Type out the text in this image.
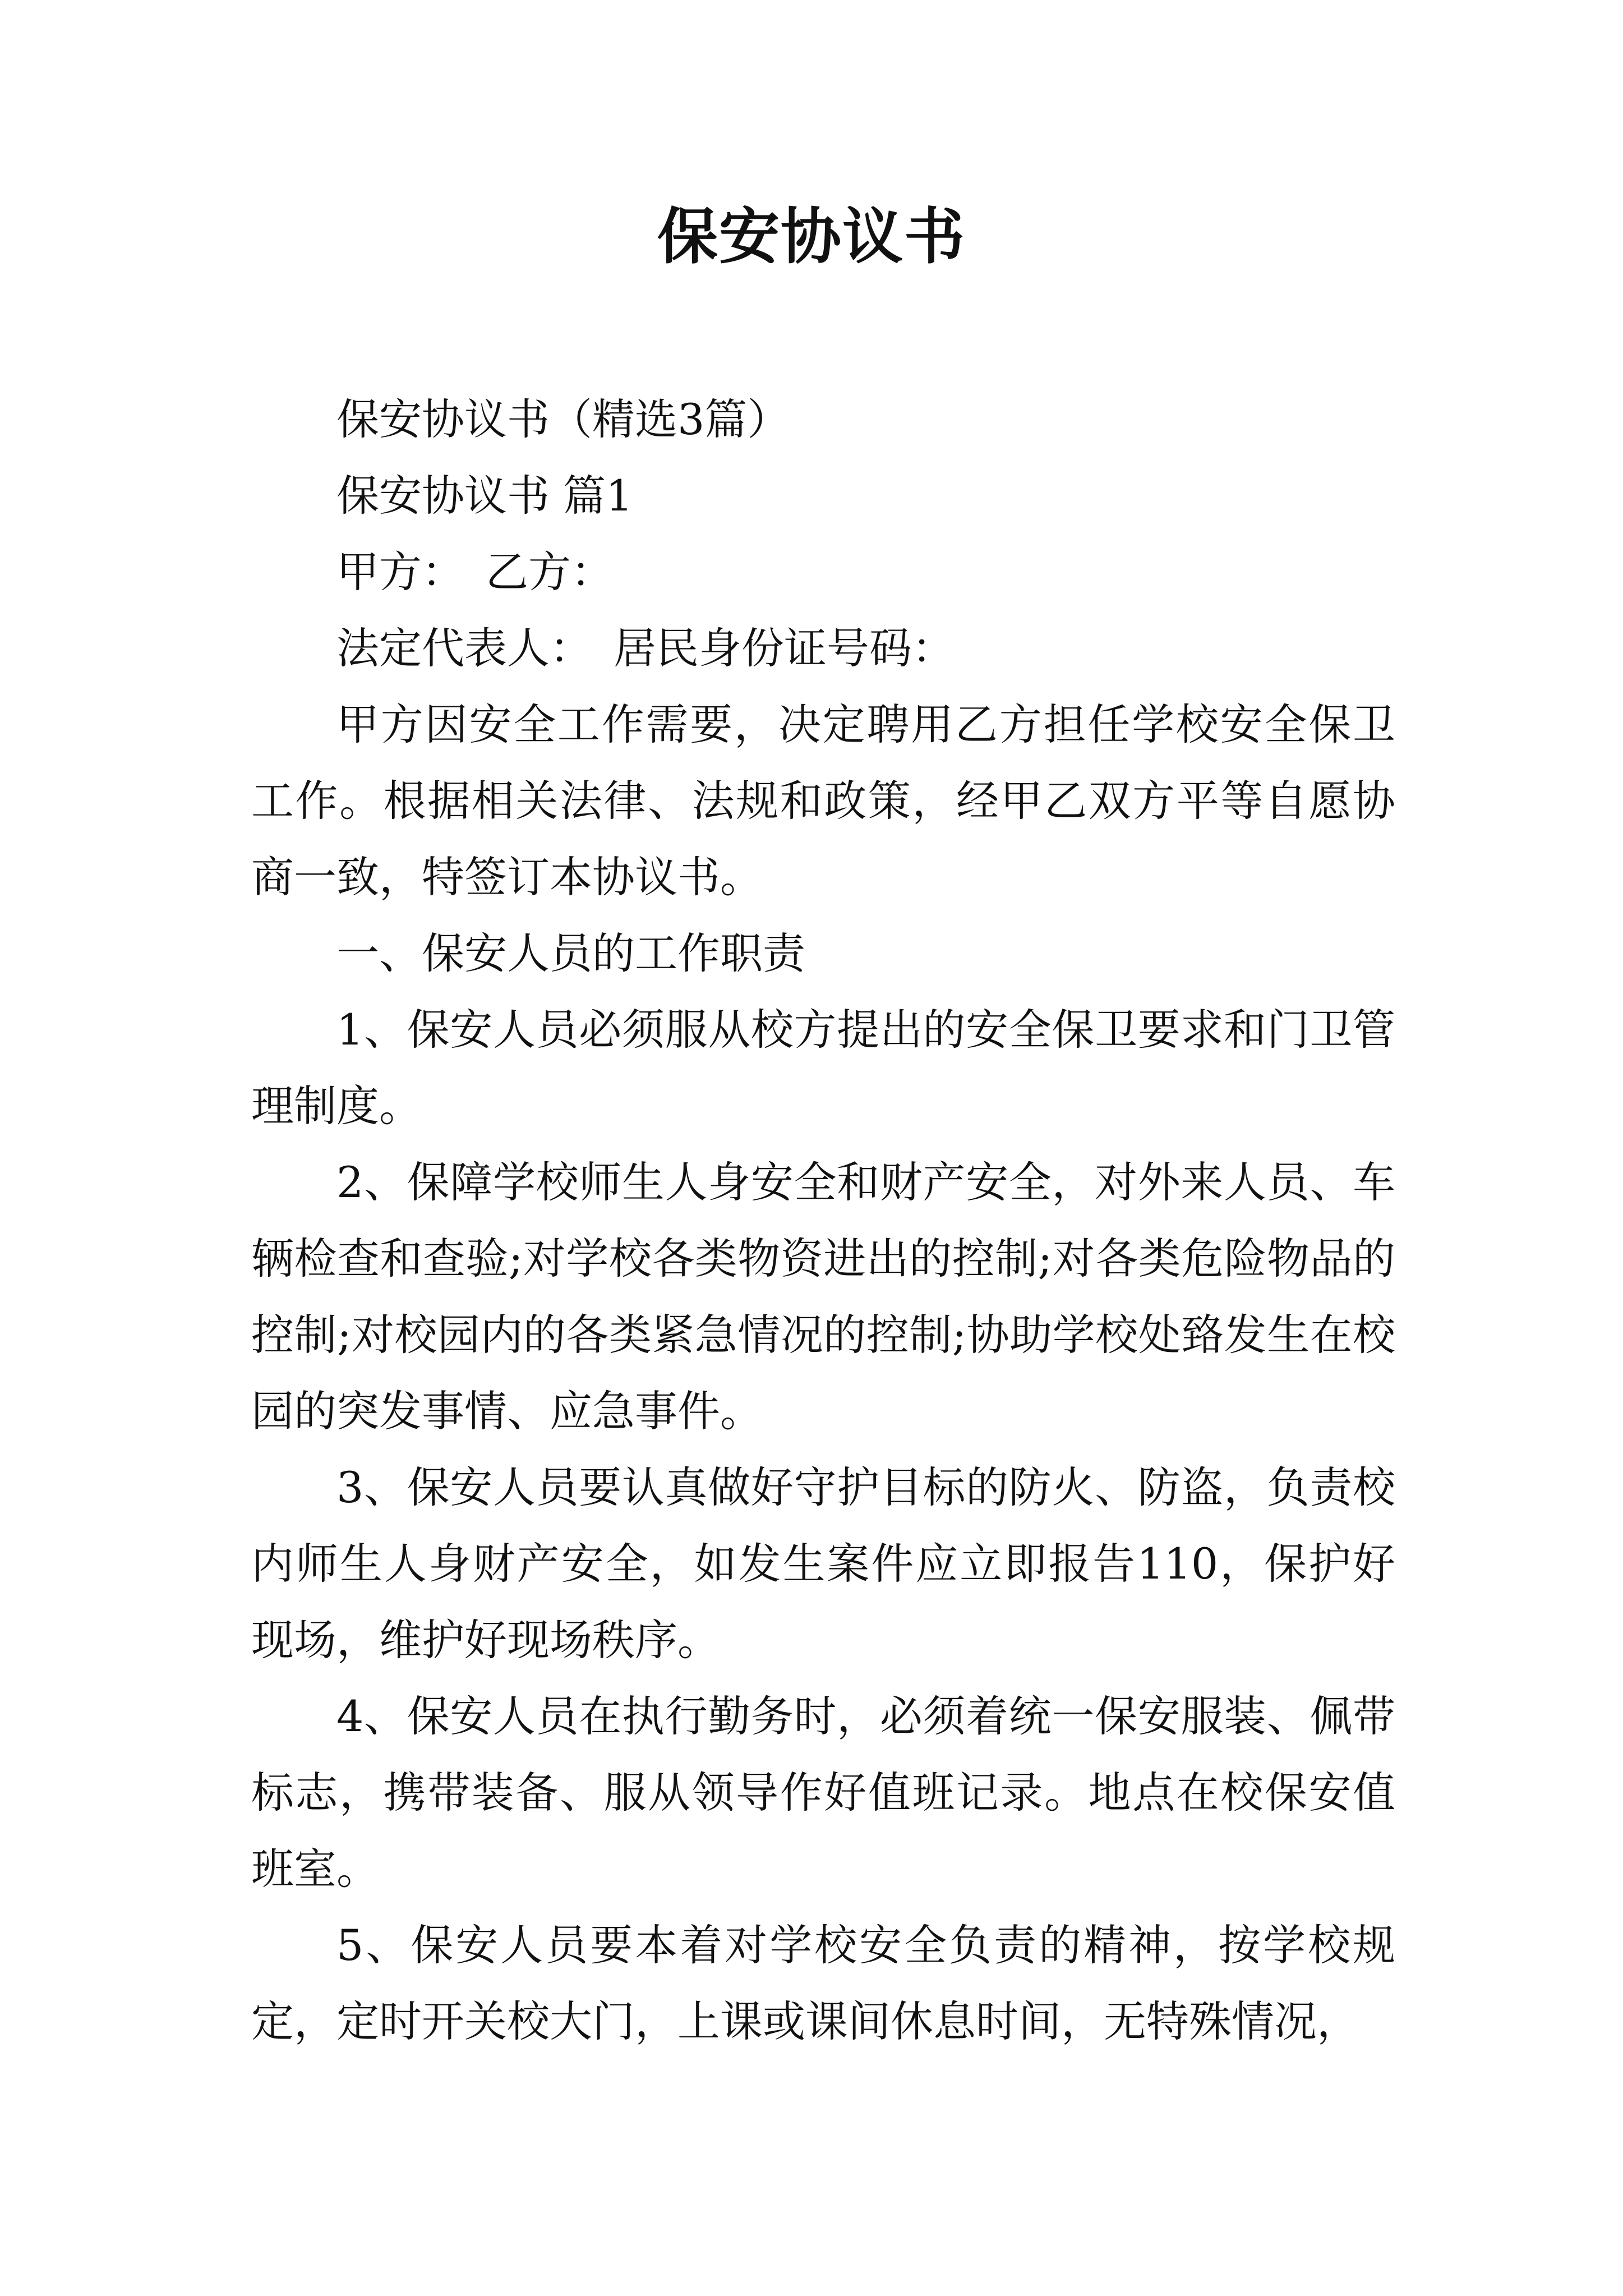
保安协议书

保安协议书（精选3篇）

保安协议书 篇1

甲方：　乙方：

法定代表人：　居民身份证号码：

甲方因安全工作需要，决定聘用乙方担任学校安全保卫工作。根据相关法律、法规和政策，经甲乙双方平等自愿协商一致，特签订本协议书。

一、保安人员的工作职责

1、保安人员必须服从校方提出的安全保卫要求和门卫管理制度。

2、保障学校师生人身安全和财产安全，对外来人员、车辆检查和查验;对学校各类物资进出的控制;对各类危险物品的控制;对校园内的各类紧急情况的控制;协助学校处臵发生在校园的突发事情、应急事件。

3、保安人员要认真做好守护目标的防火、防盗，负责校内师生人身财产安全，如发生案件应立即报告110，保护好现场，维护好现场秩序。

4、保安人员在执行勤务时，必须着统一保安服装、佩带标志，携带装备、服从领导作好值班记录。地点在校保安值班室。

5、保安人员要本着对学校安全负责的精神，按学校规定，定时开关校大门，上课或课间休息时间，无特殊情况，
